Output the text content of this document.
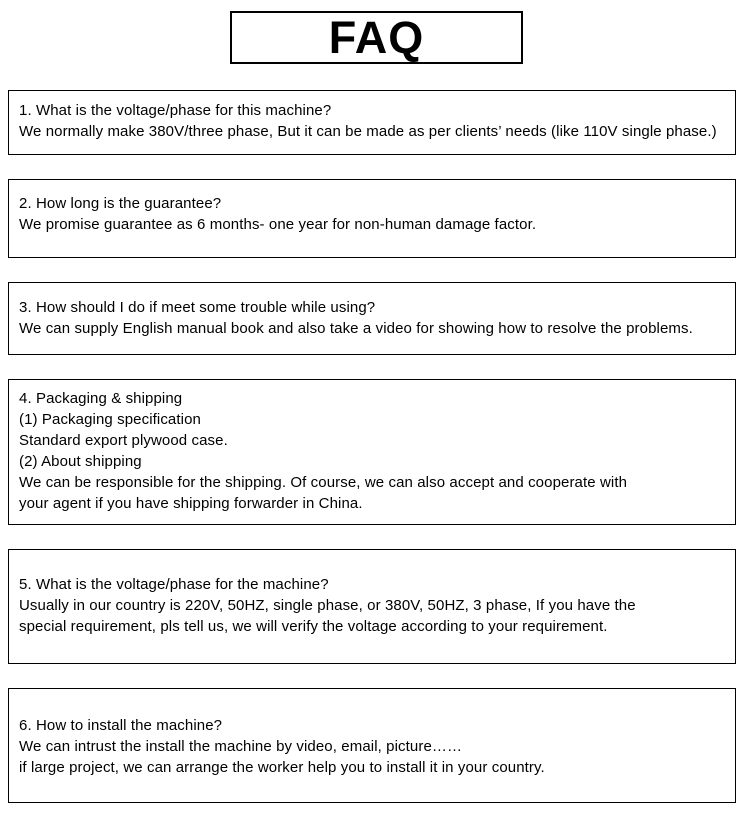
FAQ
1. What is the voltage/phase for this machine?
We normally make 380V/three phase, But it can be made as per clients’ needs (like 110V single phase.)
2. How long is the guarantee?
We promise guarantee as 6 months- one year for non-human damage factor.
3. How should I do if meet some trouble while using?
We can supply English manual book and also take a video for showing how to resolve the problems.
4. Packaging & shipping
(1) Packaging specification
Standard export plywood case.
(2) About shipping
We can be responsible for the shipping. Of course, we can also accept and cooperate with
your agent if you have shipping forwarder in China.
5. What is the voltage/phase for the machine?
Usually in our country is 220V, 50HZ, single phase, or 380V, 50HZ, 3 phase, If you have the
special requirement, pls tell us, we will verify the voltage according to your requirement.
6. How to install the machine?
We can intrust the install the machine by video, email, picture……
if large project, we can arrange the worker help you to install it in your country.
